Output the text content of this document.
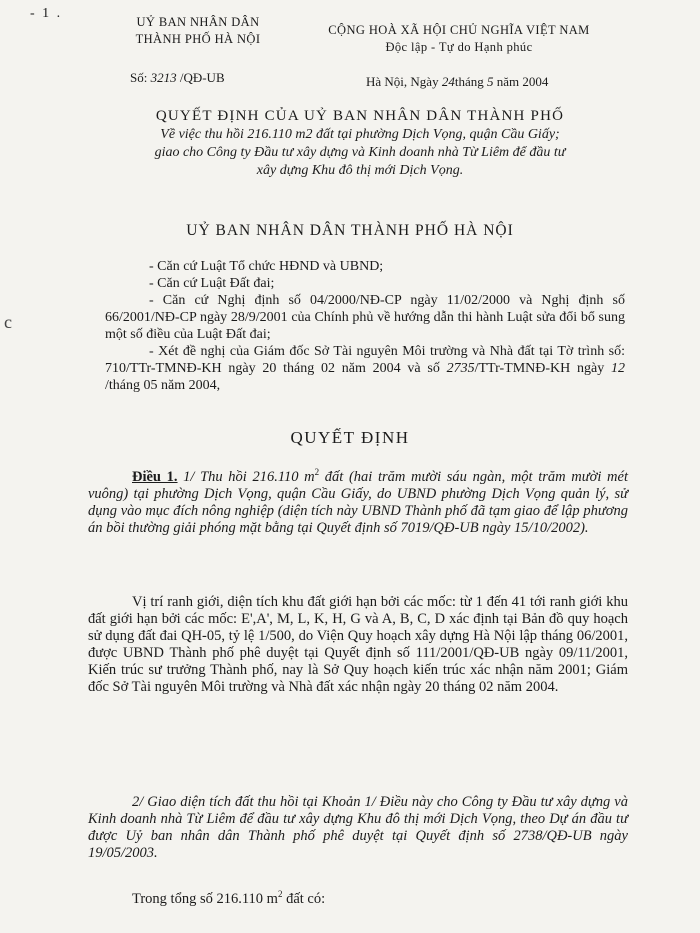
- 1 .
c
UỶ BAN NHÂN DÂN
THÀNH PHỐ HÀ NỘI
CỘNG HOÀ XÃ HỘI CHỦ NGHĨA VIỆT NAM
Độc lập - Tự do Hạnh phúc
Số: 3213 /QĐ-UB	Hà Nội, Ngày 24tháng 5 năm 2004
QUYẾT ĐỊNH CỦA UỶ BAN NHÂN DÂN THÀNH PHỐ
Về việc thu hồi 216.110 m2 đất tại phường Dịch Vọng, quận Cầu Giấy;
giao cho Công ty Đầu tư xây dựng và Kinh doanh nhà Từ Liêm để đầu tư
xây dựng Khu đô thị mới Dịch Vọng.
UỶ BAN NHÂN DÂN THÀNH PHỐ HÀ NỘI

- Căn cứ Luật Tổ chức HĐND và UBND;

- Căn cứ Luật Đất đai;

- Căn cứ Nghị định số 04/2000/NĐ-CP ngày 11/02/2000 và Nghị định số 66/2001/NĐ-CP ngày 28/9/2001 của Chính phủ về hướng dẫn thi hành Luật sửa đổi bổ sung một số điều của Luật Đất đai;

- Xét đề nghị của Giám đốc Sở Tài nguyên Môi trường và Nhà đất tại Tờ trình số: 710/TTr-TMNĐ-KH ngày 20 tháng 02 năm 2004 và số 2735/TTr-TMNĐ-KH ngày 12 /tháng 05 năm 2004,

QUYẾT ĐỊNH

Điều 1. 1/ Thu hồi 216.110 $m^2$ đất (hai trăm mười sáu ngàn, một trăm mười mét vuông) tại phường Dịch Vọng, quận Cầu Giấy, do UBND phường Dịch Vọng quản lý, sử dụng vào mục đích nông nghiệp (diện tích này UBND Thành phố đã tạm giao để lập phương án bồi thường giải phóng mặt bằng tại Quyết định số 7019/QĐ-UB ngày 15/10/2002).

Vị trí ranh giới, diện tích khu đất giới hạn bởi các mốc: từ 1 đến 41 tới ranh giới khu đất giới hạn bởi các mốc: E',A', M, L, K, H, G và A, B, C, D xác định tại Bản đồ quy hoạch sử dụng đất đai QH-05, tỷ lệ 1/500, do Viện Quy hoạch xây dựng Hà Nội lập tháng 06/2001, được UBND Thành phố phê duyệt tại Quyết định số 111/2001/QĐ-UB ngày 09/11/2001, Kiến trúc sư trưởng Thành phố, nay là Sở Quy hoạch kiến trúc xác nhận năm 2001; Giám đốc Sở Tài nguyên Môi trường và Nhà đất xác nhận ngày 20 tháng 02 năm 2004.

2/ Giao diện tích đất thu hồi tại Khoản 1/ Điều này cho Công ty Đầu tư xây dựng và Kinh doanh nhà Từ Liêm để đầu tư xây dựng Khu đô thị mới Dịch Vọng, theo Dự án đầu tư được Uỷ ban nhân dân Thành phố phê duyệt tại Quyết định số 2738/QĐ-UB ngày 19/05/2003.

Trong tổng số 216.110 $m^2$ đất có:
